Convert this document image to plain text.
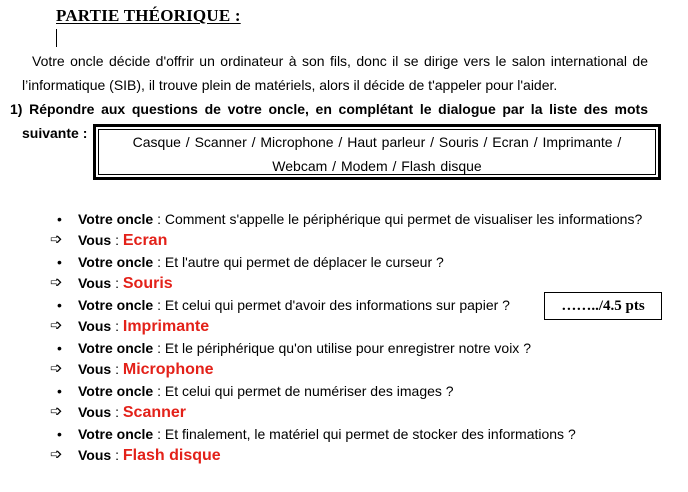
PARTIE THÉORIQUE :
Votre oncle décide d'offrir un ordinateur à son fils, donc il se dirige vers le salon international de
l’informatique (SIB), il trouve plein de matériels, alors il décide de t'appeler pour l'aider.
1) Répondre aux questions de votre oncle, en complétant le dialogue par la liste des mots
suivante :
Casque / Scanner / Microphone / Haut parleur / Souris / Ecran / Imprimante /
Webcam / Modem / Flash disque
……../4.5 pts
•	Votre oncle : Comment s'appelle le périphérique qui permet de visualiser les informations?
➩	Vous : Ecran
•	Votre oncle : Et l'autre qui permet de déplacer le curseur ?
➩	Vous : Souris
•	Votre oncle : Et celui qui permet d'avoir des informations sur papier ?
➩	Vous : Imprimante
•	Votre oncle : Et le périphérique qu'on utilise pour enregistrer notre voix ?
➩	Vous : Microphone
•	Votre oncle : Et celui qui permet de numériser des images ?
➩	Vous : Scanner
•	Votre oncle : Et finalement, le matériel qui permet de stocker des informations ?
➩	Vous : Flash disque
